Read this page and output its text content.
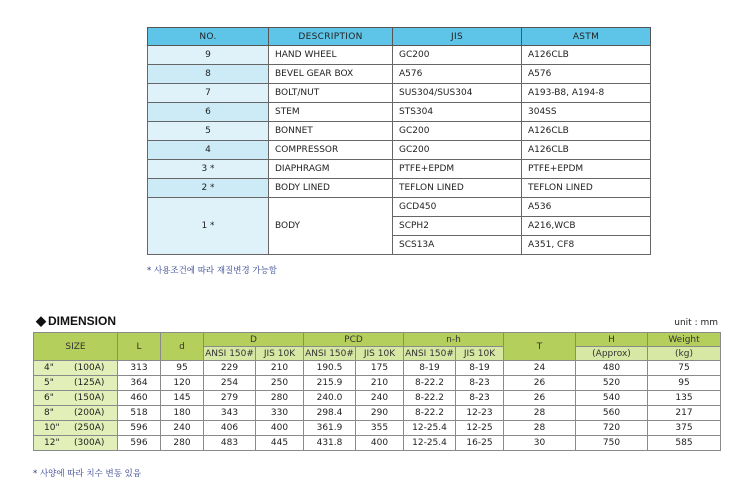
NO.	DESCRIPTION	JIS	ASTM
9	HAND WHEEL	GC200	A126CLB
8	BEVEL GEAR BOX	A576	A576
7	BOLT/NUT	SUS304/SUS304	A193-B8, A194-8
6	STEM	STS304	304SS
5	BONNET	GC200	A126CLB
4	COMPRESSOR	GC200	A126CLB
3 *	DIAPHRAGM	PTFE+EPDM	PTFE+EPDM
2 *	BODY LINED	TEFLON LINED	TEFLON LINED
1 *	BODY	GCD450	A536
		SCPH2	A216,WCB
		SCS13A	A351, CF8
* 사용조건에 따라 재질변경 가능함
◆ DIMENSION	unit : mm
SIZE	L	d	D		PCD		n-h		T	H	Weight
			ANSI 150#	JIS 10K	ANSI 150#	JIS 10K	ANSI 150#	JIS 10K		(Approx)	(kg)
4" (100A)	313	95	229	210	190.5	175	8-19	8-19	24	480	75
5" (125A)	364	120	254	250	215.9	210	8-22.2	8-23	26	520	95
6" (150A)	460	145	279	280	240.0	240	8-22.2	8-23	26	540	135
8" (200A)	518	180	343	330	298.4	290	8-22.2	12-23	28	560	217
10" (250A)	596	240	406	400	361.9	355	12-25.4	12-25	28	720	375
12" (300A)	596	280	483	445	431.8	400	12-25.4	16-25	30	750	585
* 사양에 따라 치수 변동 있음
